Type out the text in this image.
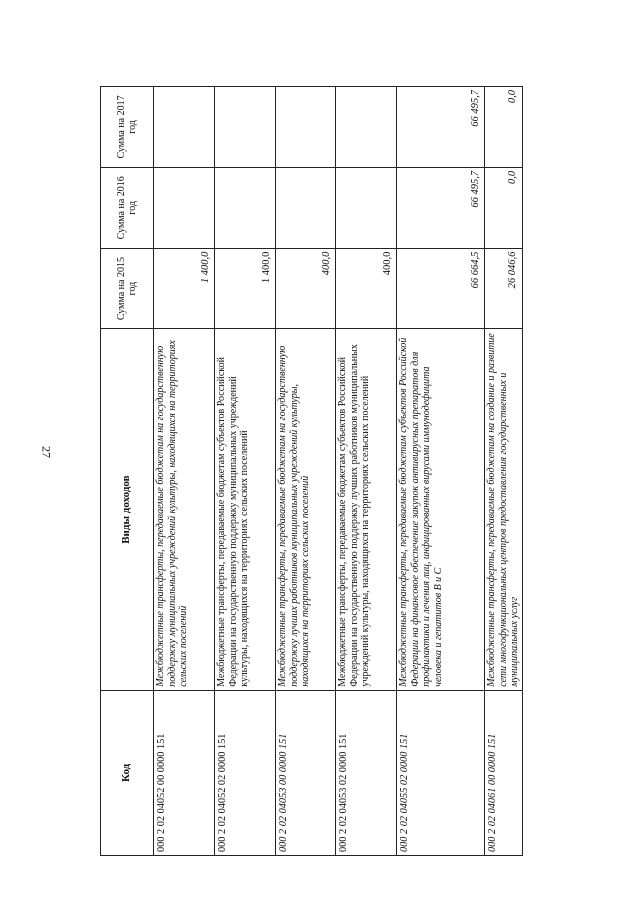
27
Код	Виды доходов	Сумма на 2015 год	Сумма на 2016 год	Сумма на 2017 год
000 2 02 04052 00 0000 151	Межбюджетные трансферты, передаваемые бюджетам на государственную поддержку муниципальных учреждений культуры, находящихся на территориях сельских поселений	1 400,0		
000 2 02 04052 02 0000 151	Межбюджетные трансферты, передаваемые бюджетам субъектов Российской Федерации на государственную поддержку муниципальных учреждений культуры, находящихся на территориях сельских поселений	1 400,0		
000 2 02 04053 00 0000 151	Межбюджетные трансферты, передаваемые бюджетам на государственную поддержку лучших работников муниципальных учреждений культуры, находящихся на территориях сельских поселений	400,0		
000 2 02 04053 02 0000 151	Межбюджетные трансферты, передаваемые бюджетам субъектов Российской Федерации на государственную поддержку лучших работников муниципальных учреждений культуры, находящихся на территориях сельских поселений	400,0		
000 2 02 04055 02 0000 151	Межбюджетные трансферты, передаваемые бюджетам субъектов Российской Федерации на финансовое обеспечение закупок антивирусных препаратов для профилактики и лечения лиц, инфицированных вирусами иммунодефицита человека и гепатитов В и С	66 664,5	66 495,7	66 495,7
000 2 02 04061 00 0000 151	Межбюджетные трансферты, передаваемые бюджетам на создание и развитие сети многофункциональных центров предоставления государственных и муниципальных услуг	26 046,6	0,0	0,0
